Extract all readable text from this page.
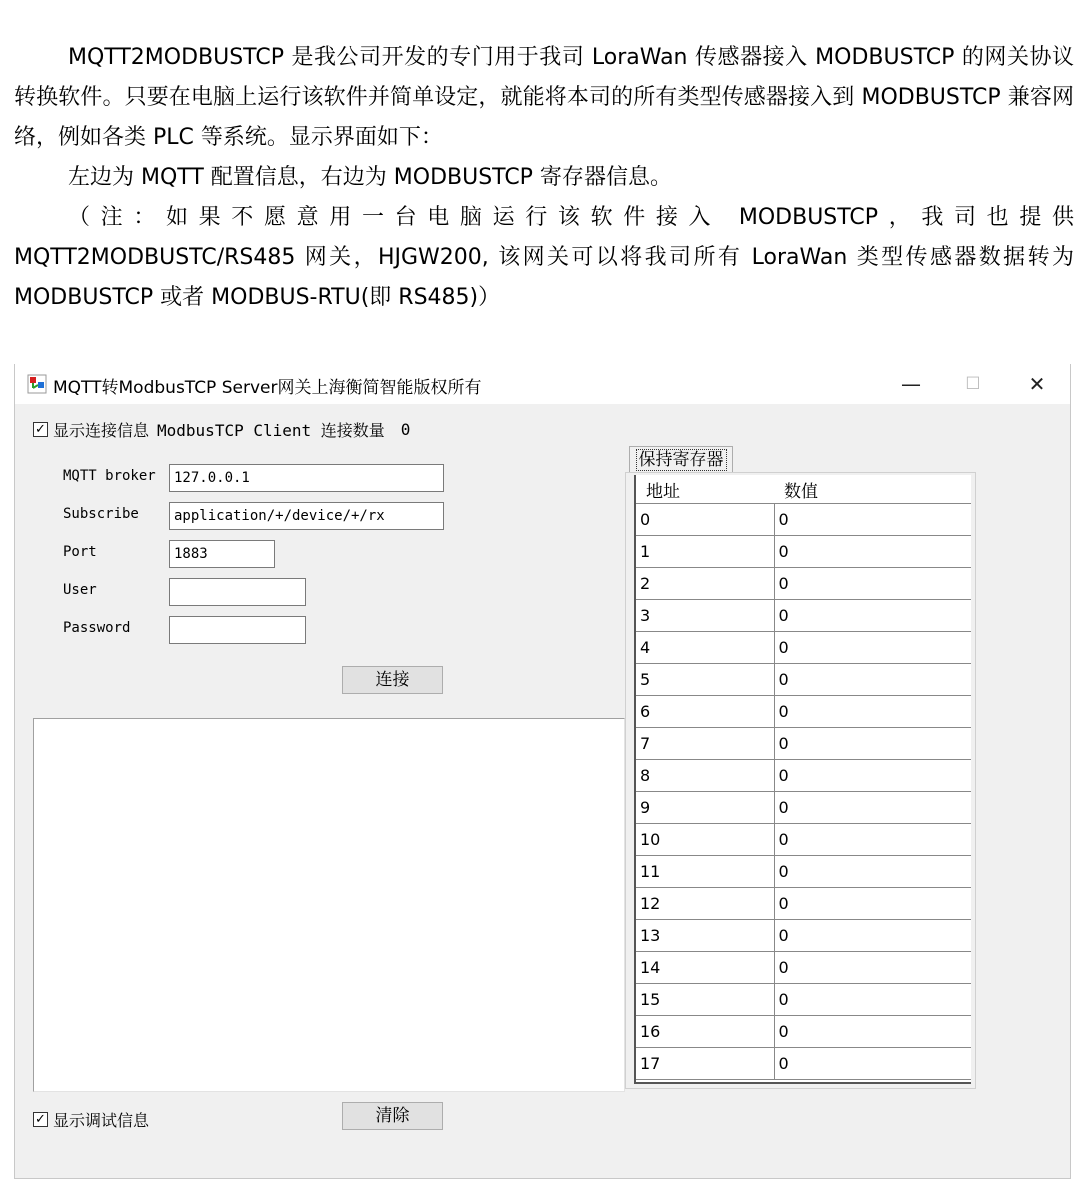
MQTT2MODBUSTCP 是我公司开发的专门用于我司 LoraWan 传感器接入 MODBUSTCP 的网关协议转换软件。只要在电脑上运行该软件并简单设定，就能将本司的所有类型传感器接入到 MODBUSTCP 兼容网络，例如各类 PLC 等系统。显示界面如下：

左边为 MQTT 配置信息，右边为 MODBUSTCP 寄存器信息。

（注：如果不愿意用一台电脑运行该软件接入 MODBUSTCP，我司也提供 MQTT2MODBUSTC/RS485 网关，HJGW200, 该网关可以将我司所有 LoraWan 类型传感器数据转为 MODBUSTCP 或者 MODBUS-RTU(即 RS485)）

MQTT转ModbusTCP Server网关上海衡简智能版权所有	—	☐	✕
✓ 显示连接信息 ModbusTCP Client 连接数量 0
MQTT broker	127.0.0.1
Subscribe	application/+/device/+/rx
Port	1883
User
Password
连接
✓ 显示调试信息	清除
保持寄存器
地址	数值
0	0
1	0
2	0
3	0
4	0
5	0
6	0
7	0
8	0
9	0
10	0
11	0
12	0
13	0
14	0
15	0
16	0
17	0
